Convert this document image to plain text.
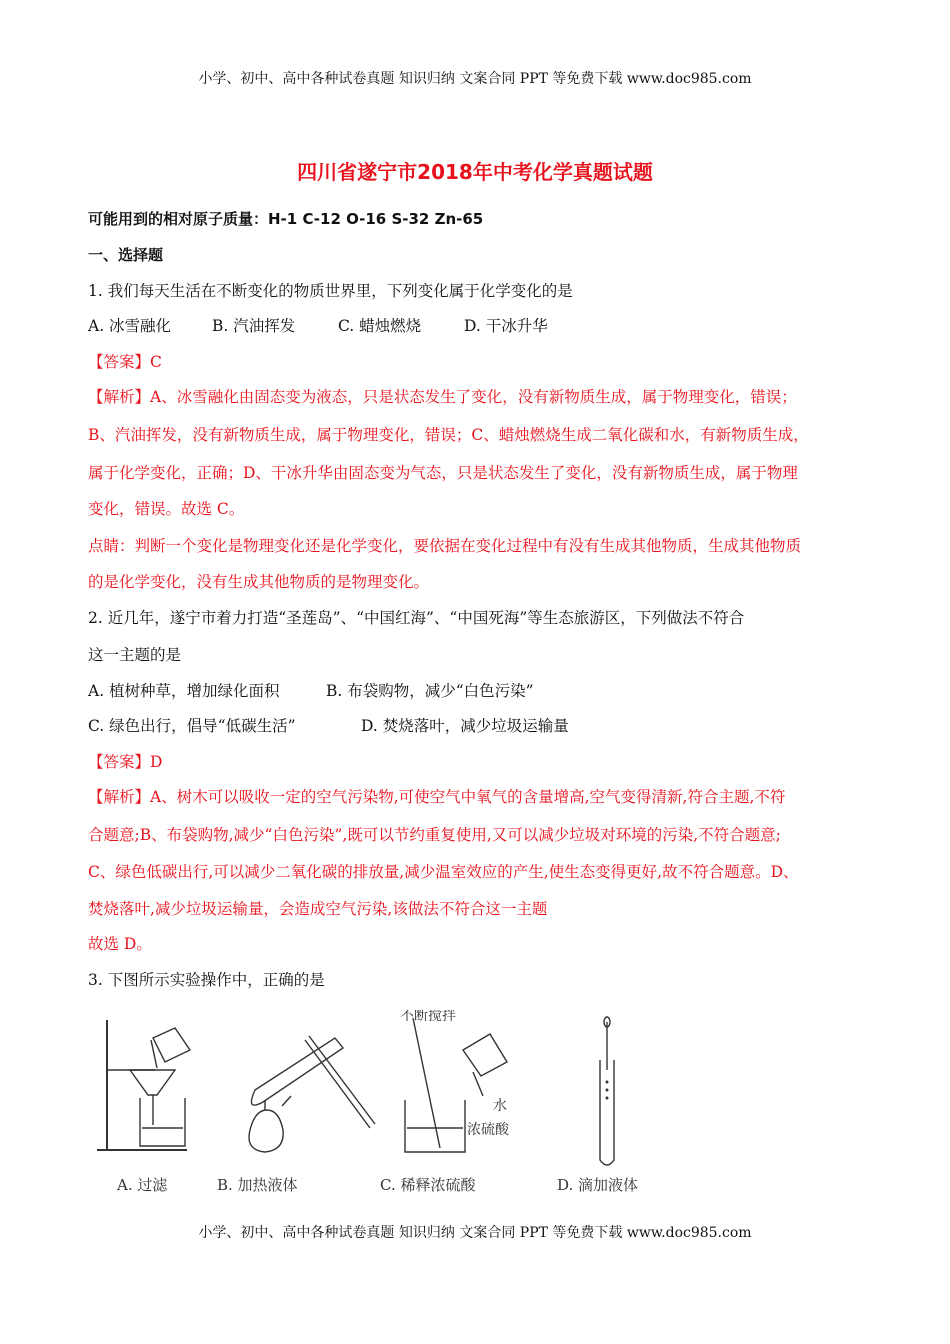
小学、初中、高中各种试卷真题 知识归纳 文案合同 PPT 等免费下载 www.doc985.com
四川省遂宁市2018年中考化学真题试题
可能用到的相对原子质量：H-1 C-12 O-16 S-32 Zn-65
一、选择题
1. 我们每天生活在不断变化的物质世界里，下列变化属于化学变化的是
A. 冰雪融化	B. 汽油挥发	C. 蜡烛燃烧	D. 干冰升华
【答案】C
【解析】A、冰雪融化由固态变为液态，只是状态发生了变化，没有新物质生成，属于物理变化，错误；
B、汽油挥发，没有新物质生成，属于物理变化，错误；C、蜡烛燃烧生成二氧化碳和水，有新物质生成，
属于化学变化，正确；D、干冰升华由固态变为气态，只是状态发生了变化，没有新物质生成，属于物理
变化，错误。故选 C。
点睛：判断一个变化是物理变化还是化学变化，要依据在变化过程中有没有生成其他物质，生成其他物质
的是化学变化，没有生成其他物质的是物理变化。
2. 近几年，遂宁市着力打造“圣莲岛”、“中国红海”、“中国死海”等生态旅游区，下列做法不符合
这一主题的是
A. 植树种草，增加绿化面积	B. 布袋购物，减少“白色污染”
C. 绿色出行，倡导“低碳生活”	D. 焚烧落叶，减少垃圾运输量
【答案】D
【解析】A、树木可以吸收一定的空气污染物,可使空气中氧气的含量增高,空气变得清新,符合主题,不符
合题意;B、布袋购物,减少“白色污染”,既可以节约重复使用,又可以减少垃圾对环境的污染,不符合题意;
C、绿色低碳出行,可以减少二氧化碳的排放量,减少温室效应的产生,使生态变得更好,故不符合题意。D、
焚烧落叶,减少垃圾运输量，会造成空气污染,该做法不符合这一主题
故选 D。
3. 下图所示实验操作中，正确的是
不断搅拌
水
浓硫酸
A. 过滤	B. 加热液体	C. 稀释浓硫酸	D. 滴加液体
小学、初中、高中各种试卷真题 知识归纳 文案合同 PPT 等免费下载 www.doc985.com
